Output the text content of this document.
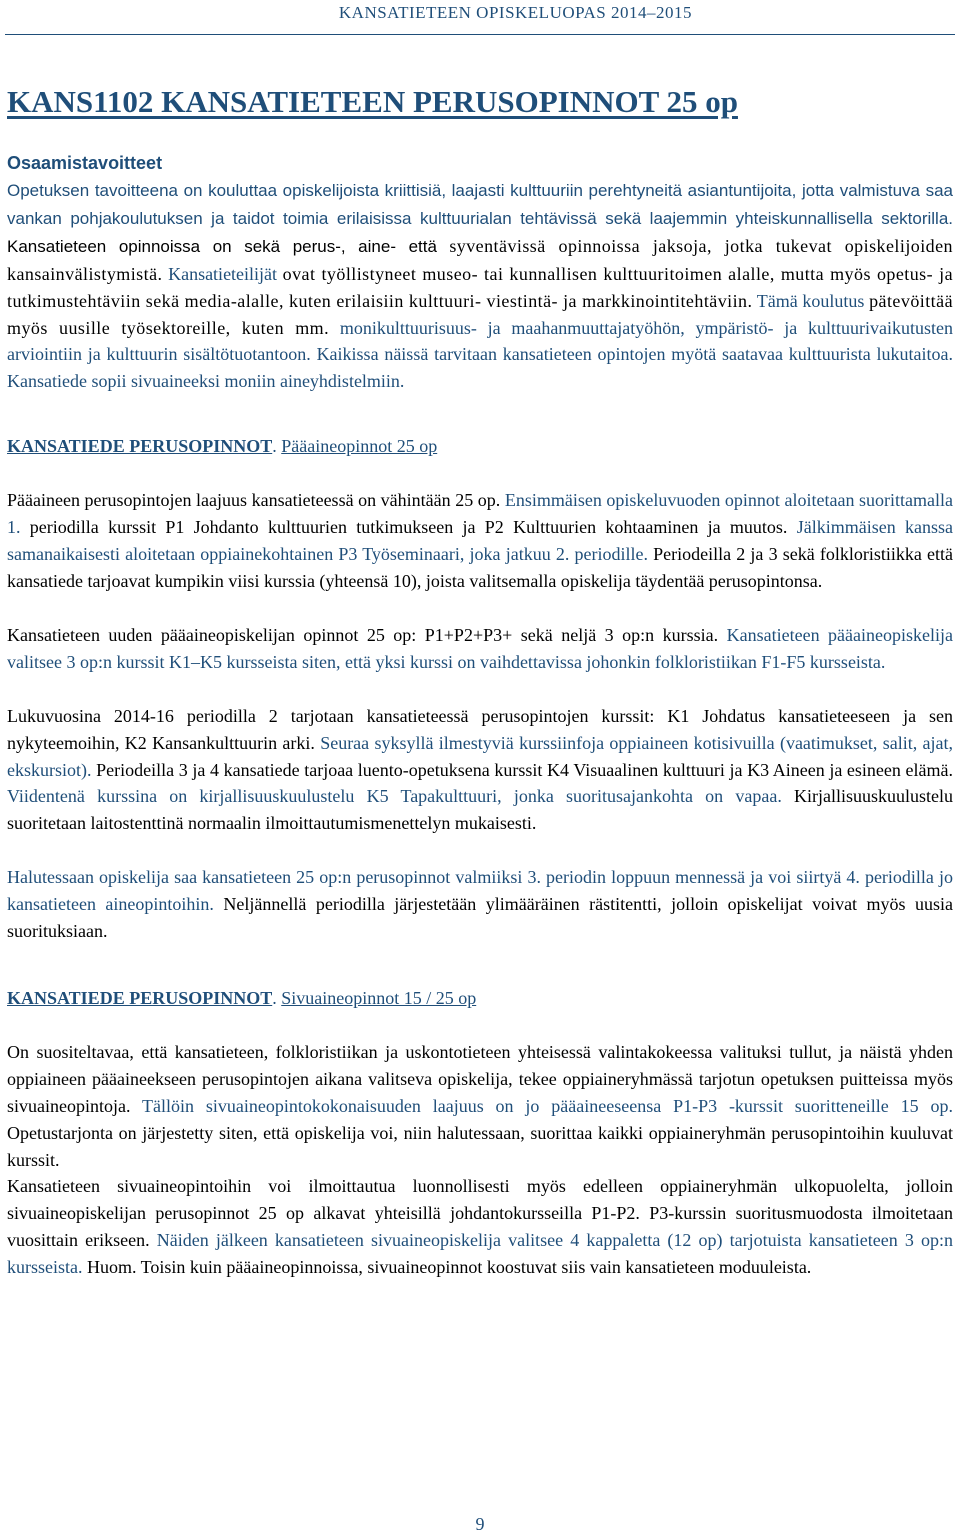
KANSATIETEEN OPISKELUOPAS 2014–2015
KANS1102 KANSATIETEEN PERUSOPINNOT 25 op
Osaamistavoitteet

Opetuksen tavoitteena on kouluttaa opiskelijoista kriittisiä, laajasti kulttuuriin perehtyneitä asiantuntijoita, jotta valmistuva saa vankan pohjakoulutuksen ja taidot toimia erilaisissa kulttuurialan tehtävissä sekä laajemmin yhteiskunnallisella sektorilla. Kansatieteen opinnoissa on sekä perus-, aine- että syventävissä opinnoissa jaksoja, jotka tukevat opiskelijoiden kansainvälistymistä. Kansatieteilijät ovat työllistyneet museo- tai kunnallisen kulttuuritoimen alalle, mutta myös opetus- ja tutkimustehtäviin sekä media-alalle, kuten erilaisiin kulttuuri- viestintä- ja markkinointitehtäviin. Tämä koulutus pätevöittää myös uusille työsektoreille, kuten mm. monikulttuurisuus- ja maahanmuuttajatyöhön, ympäristö- ja kulttuurivaikutusten arviointiin ja kulttuurin sisältötuotantoon. Kaikissa näissä tarvitaan kansatieteen opintojen myötä saatavaa kulttuurista lukutaitoa. Kansatiede sopii sivuaineeksi moniin aineyhdistelmiin.

KANSATIEDE PERUSOPINNOT. Pääaineopinnot 25 op

Pääaineen perusopintojen laajuus kansatieteessä on vähintään 25 op. Ensimmäisen opiskeluvuoden opinnot aloitetaan suorittamalla 1. periodilla kurssit P1 Johdanto kulttuurien tutkimukseen ja P2 Kulttuurien kohtaaminen ja muutos. Jälkimmäisen kanssa samanaikaisesti aloitetaan oppiainekohtainen P3 Työseminaari, joka jatkuu 2. periodille. Periodeilla 2 ja 3 sekä folkloristiikka että kansatiede tarjoavat kumpikin viisi kurssia (yhteensä 10), joista valitsemalla opiskelija täydentää perusopintonsa.

Kansatieteen uuden pääaineopiskelijan opinnot 25 op: P1+P2+P3+ sekä neljä 3 op:n kurssia. Kansatieteen pääaineopiskelija valitsee 3 op:n kurssit K1–K5 kursseista siten, että yksi kurssi on vaihdettavissa johonkin folkloristiikan F1-F5 kursseista.

Lukuvuosina 2014-16 periodilla 2 tarjotaan kansatieteessä perusopintojen kurssit: K1 Johdatus kansatieteeseen ja sen nykyteemoihin, K2 Kansankulttuurin arki. Seuraa syksyllä ilmestyviä kurssiinfoja oppiaineen kotisivuilla (vaatimukset, salit, ajat, ekskursiot). Periodeilla 3 ja 4 kansatiede tarjoaa luento-opetuksena kurssit K4 Visuaalinen kulttuuri ja K3 Aineen ja esineen elämä. Viidentenä kurssina on kirjallisuuskuulustelu K5 Tapakulttuuri, jonka suoritusajankohta on vapaa. Kirjallisuuskuulustelu suoritetaan laitostenttinä normaalin ilmoittautumismenettelyn mukaisesti.

Halutessaan opiskelija saa kansatieteen 25 op:n perusopinnot valmiiksi 3. periodin loppuun mennessä ja voi siirtyä 4. periodilla jo kansatieteen aineopintoihin. Neljännellä periodilla järjestetään ylimääräinen rästitentti, jolloin opiskelijat voivat myös uusia suorituksiaan.

KANSATIEDE PERUSOPINNOT. Sivuaineopinnot 15 / 25 op

On suositeltavaa, että kansatieteen, folkloristiikan ja uskontotieteen yhteisessä valintakokeessa valituksi tullut, ja näistä yhden oppiaineen pääaineekseen perusopintojen aikana valitseva opiskelija, tekee oppiaineryhmässä tarjotun opetuksen puitteissa myös sivuaineopintoja. Tällöin sivuaineopintokokonaisuuden laajuus on jo pääaineeseensa P1-P3 -kurssit suoritteneille 15 op. Opetustarjonta on järjestetty siten, että opiskelija voi, niin halutessaan, suorittaa kaikki oppiaineryhmän perusopintoihin kuuluvat kurssit.

Kansatieteen sivuaineopintoihin voi ilmoittautua luonnollisesti myös edelleen oppiaineryhmän ulkopuolelta, jolloin sivuaineopiskelijan perusopinnot 25 op alkavat yhteisillä johdantokursseilla P1-P2. P3-kurssin suoritusmuodosta ilmoitetaan vuosittain erikseen. Näiden jälkeen kansatieteen sivuaineopiskelija valitsee 4 kappaletta (12 op) tarjotuista kansatieteen 3 op:n kursseista. Huom. Toisin kuin pääaineopinnoissa, sivuaineopinnot koostuvat siis vain kansatieteen moduuleista.

9
